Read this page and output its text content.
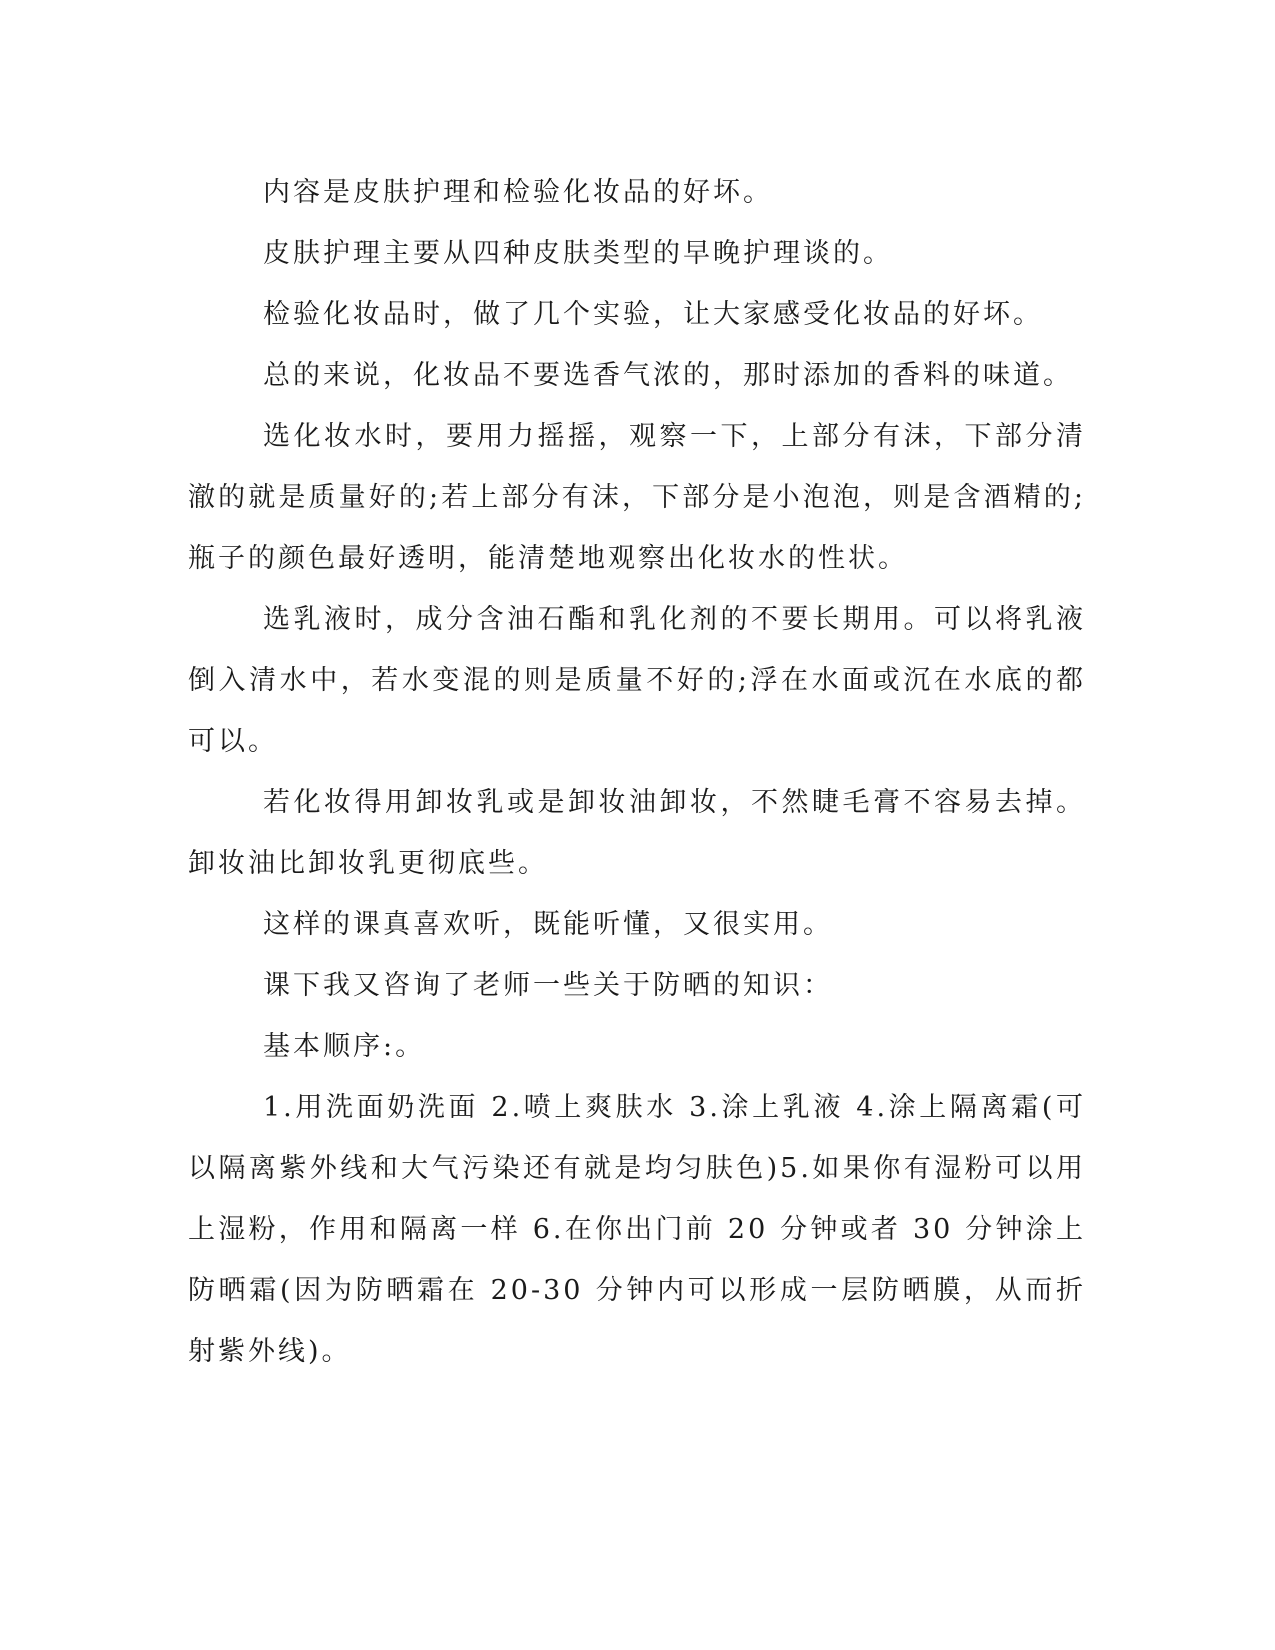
内容是皮肤护理和检验化妆品的好坏。

皮肤护理主要从四种皮肤类型的早晚护理谈的。

检验化妆品时，做了几个实验，让大家感受化妆品的好坏。

总的来说，化妆品不要选香气浓的，那时添加的香料的味道。

选化妆水时，要用力摇摇，观察一下，上部分有沫，下部分清澈的就是质量好的;若上部分有沫，下部分是小泡泡，则是含酒精的;瓶子的颜色最好透明，能清楚地观察出化妆水的性状。

选乳液时，成分含油石酯和乳化剂的不要长期用。可以将乳液倒入清水中，若水变混的则是质量不好的;浮在水面或沉在水底的都可以。

若化妆得用卸妆乳或是卸妆油卸妆，不然睫毛膏不容易去掉。卸妆油比卸妆乳更彻底些。

这样的课真喜欢听，既能听懂，又很实用。

课下我又咨询了老师一些关于防晒的知识：

基本顺序:。

1.用洗面奶洗面 2.喷上爽肤水 3.涂上乳液 4.涂上隔离霜(可以隔离紫外线和大气污染还有就是均匀肤色)5.如果你有湿粉可以用上湿粉，作用和隔离一样 6.在你出门前 20 分钟或者 30 分钟涂上防晒霜(因为防晒霜在 20-30 分钟内可以形成一层防晒膜，从而折射紫外线)。
